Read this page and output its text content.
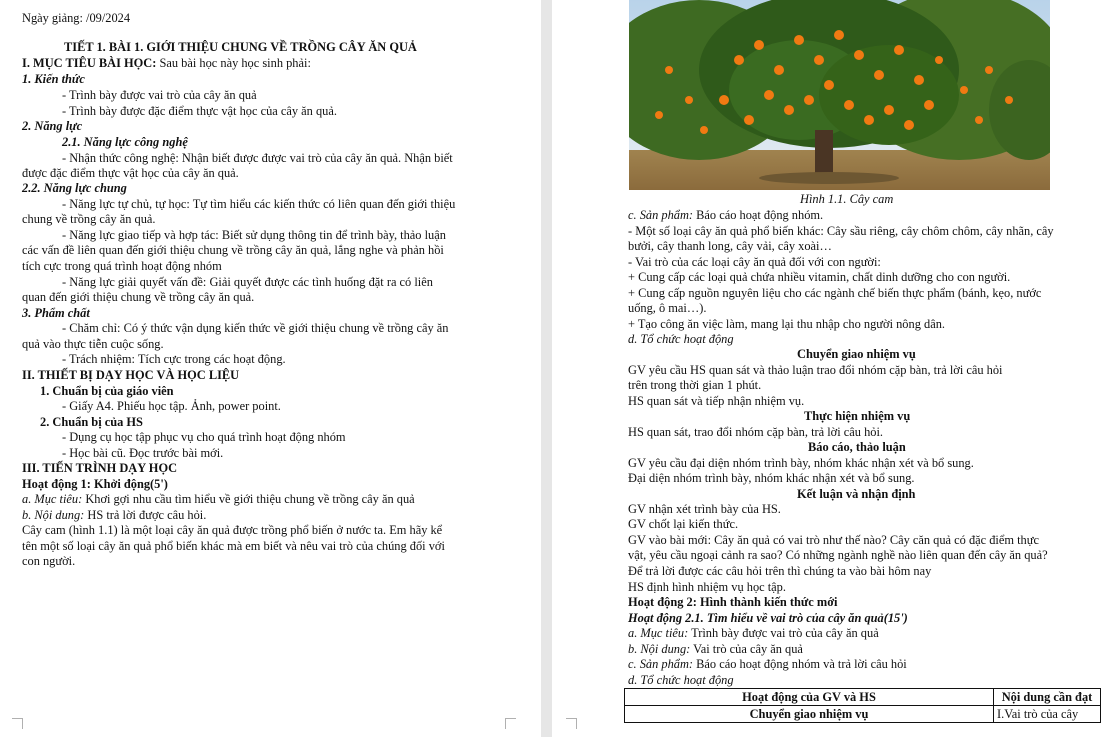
Ngày giảng: /09/2024
TIẾT 1. BÀI 1. GIỚI THIỆU CHUNG VỀ TRỒNG CÂY ĂN QUẢ
I. MỤC TIÊU BÀI HỌC: Sau bài học này học sinh phải:
1. Kiến thức
- Trình bày được vai trò của cây ăn quả
- Trình bày được đặc điểm thực vật học của cây ăn quả.
2. Năng lực
2.1. Năng lực công nghệ
- Nhận thức công nghệ: Nhận biết được được vai trò của cây ăn quả. Nhận biết
được đặc điểm thực vật học của cây ăn quả.
2.2. Năng lực chung
- Năng lực tự chủ, tự học: Tự tìm hiểu các kiến thức có liên quan đến giới thiệu
chung về trồng cây ăn quả.
- Năng lực giao tiếp và hợp tác: Biết sử dụng thông tin để trình bày, thảo luận
các vấn đề liên quan đến giới thiệu chung về trồng cây ăn quả, lắng nghe và phản hồi
tích cực trong quá trình hoạt động nhóm
- Năng lực giải quyết vấn đề: Giải quyết được các tình huống đặt ra có liên
quan đến giới thiệu chung về trồng cây ăn quả.
3. Phẩm chất
- Chăm chỉ: Có ý thức vận dụng kiến thức về giới thiệu chung về trồng cây ăn
quả vào thực tiễn cuộc sống.
- Trách nhiệm: Tích cực trong các hoạt động.
II. THIẾT BỊ DẠY HỌC VÀ HỌC LIỆU
1. Chuẩn bị của giáo viên
- Giấy A4. Phiếu học tập. Ảnh, power point.
2. Chuẩn bị của HS
- Dụng cụ học tập phục vụ cho quá trình hoạt động nhóm
- Học bài cũ. Đọc trước bài mới.
III. TIẾN TRÌNH DẠY HỌC
Hoạt động 1: Khởi động(5')
a. Mục tiêu: Khơi gợi nhu cầu tìm hiểu về giới thiệu chung về trồng cây ăn quả
b. Nội dung: HS trả lời được câu hỏi.
Cây cam (hình 1.1) là một loại cây ăn quả được trồng phổ biến ở nước ta. Em hãy kể
tên một số loại cây ăn quả phổ biến khác mà em biết và nêu vai trò của chúng đối với
con người.
Hình 1.1. Cây cam
c. Sản phẩm: Báo cáo hoạt động nhóm.
- Một số loại cây ăn quả phổ biến khác: Cây sầu riêng, cây chôm chôm, cây nhãn, cây
bưởi, cây thanh long, cây vải, cây xoài…
- Vai trò của các loại cây ăn quả đối với con người:
+ Cung cấp các loại quả chứa nhiều vitamin, chất dinh dưỡng cho con người.
+ Cung cấp nguồn nguyên liệu cho các ngành chế biến thực phẩm (bánh, kẹo, nước
uống, ô mai…).
+ Tạo công ăn việc làm, mang lại thu nhập cho người nông dân.
d. Tổ chức hoạt động
Chuyển giao nhiệm vụ
GV yêu cầu HS quan sát và thảo luận trao đổi nhóm cặp bàn, trả lời câu hỏi
trên trong thời gian 1 phút.
HS quan sát và tiếp nhận nhiệm vụ.
Thực hiện nhiệm vụ
HS quan sát, trao đổi nhóm cặp bàn, trả lời câu hỏi.
Báo cáo, thảo luận
GV yêu cầu đại diện nhóm trình bày, nhóm khác nhận xét và bổ sung.
Đại diện nhóm trình bày, nhóm khác nhận xét và bổ sung.
Kết luận và nhận định
GV nhận xét trình bày của HS.
GV chốt lại kiến thức.
GV vào bài mới: Cây ăn quả có vai trò như thế nào? Cây căn quả có đặc điểm thực
vật, yêu cầu ngoại cảnh ra sao? Có những ngành nghề nào liên quan đến cây ăn quả?
Để trả lời được các câu hỏi trên thì chúng ta vào bài hôm nay
HS định hình nhiệm vụ học tập.
Hoạt động 2: Hình thành kiến thức mới
Hoạt động 2.1. Tìm hiểu về vai trò của cây ăn quả(15')
a. Mục tiêu: Trình bày được vai trò của cây ăn quả
b. Nội dung: Vai trò của cây ăn quả
c. Sản phẩm: Báo cáo hoạt động nhóm và trả lời câu hỏi
d. Tổ chức hoạt động
Hoạt động của GV và HS	Nội dung cần đạt
Chuyển giao nhiệm vụ	I.Vai trò của cây
